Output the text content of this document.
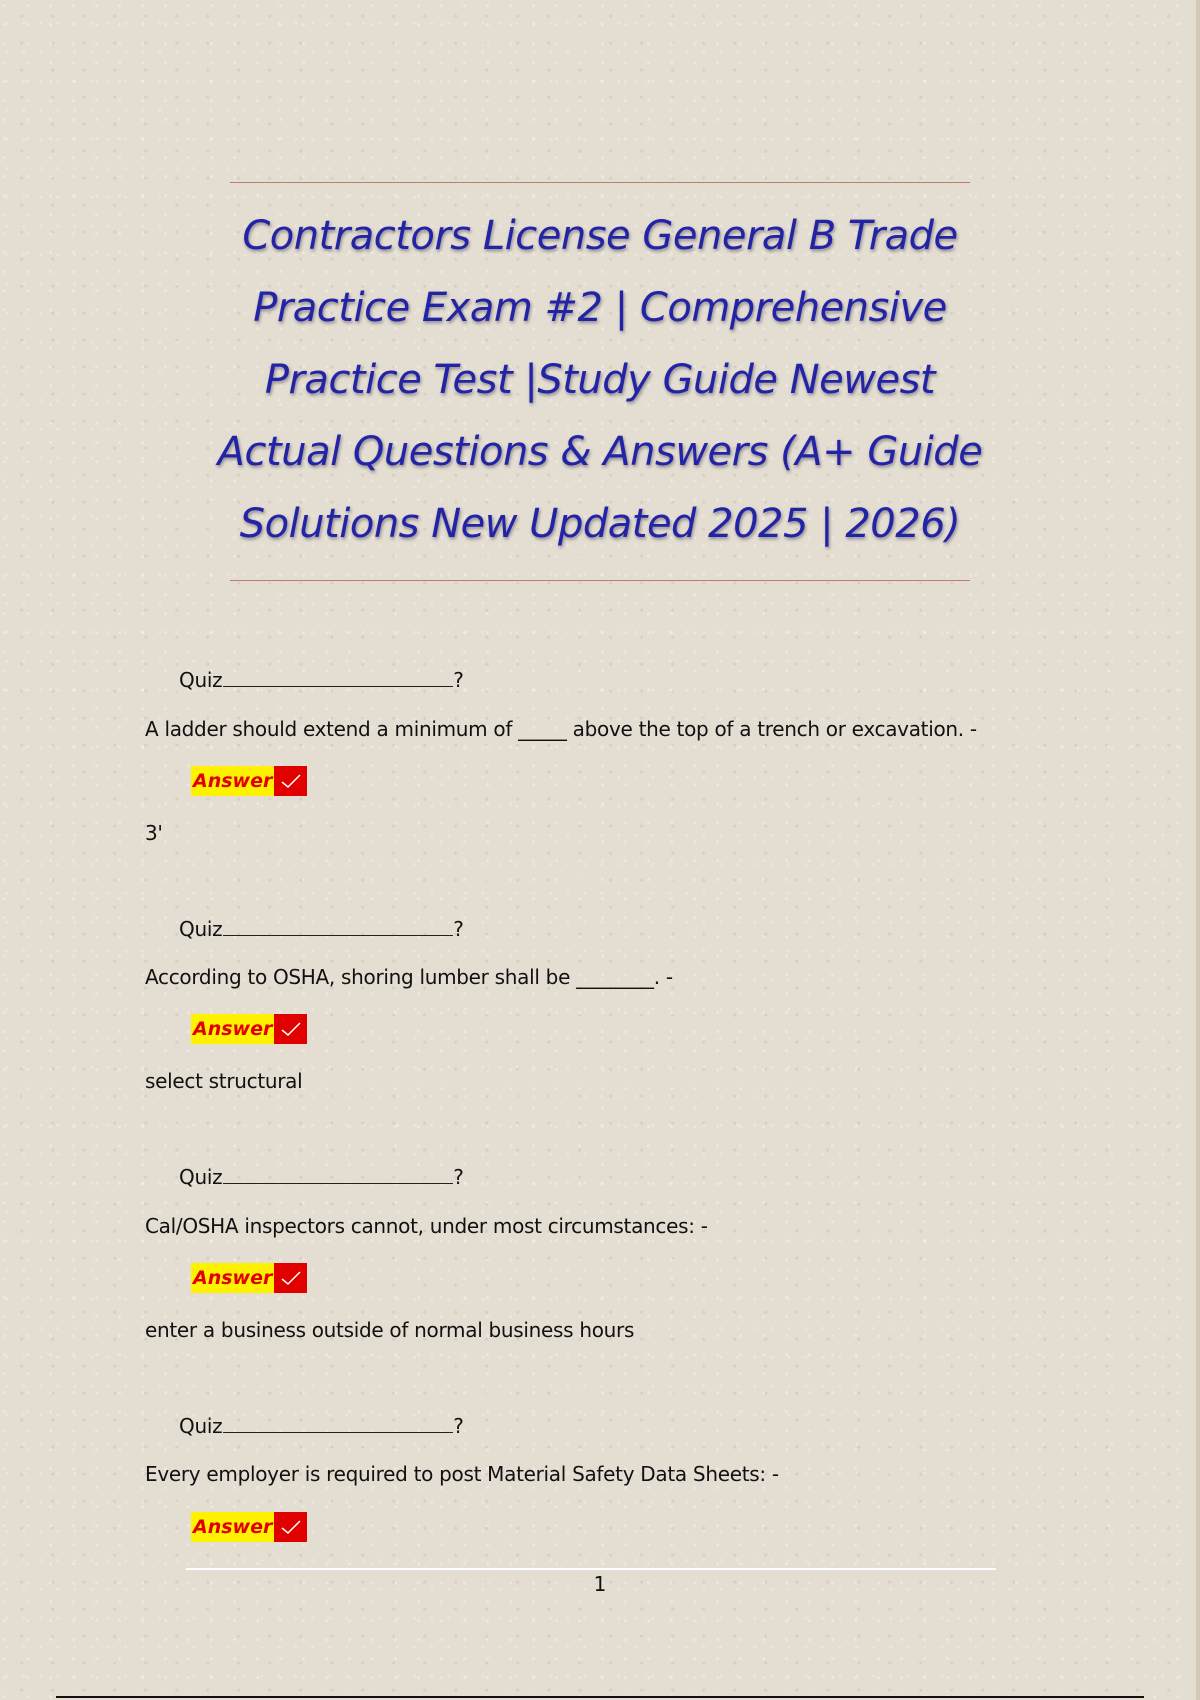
Contractors License General B Trade
Practice Exam #2 | Comprehensive
Practice Test |Study Guide Newest
Actual Questions & Answers (A+ Guide
Solutions New Updated 2025 | 2026)
Quiz	?
A ladder should extend a minimum of _____ above the top of a trench or excavation. -
Answer
3'
Quiz	?
According to OSHA, shoring lumber shall be ________. -
Answer
select structural
Quiz	?
Cal/OSHA inspectors cannot, under most circumstances: -
Answer
enter a business outside of normal business hours
Quiz	?
Every employer is required to post Material Safety Data Sheets: -
Answer
1
